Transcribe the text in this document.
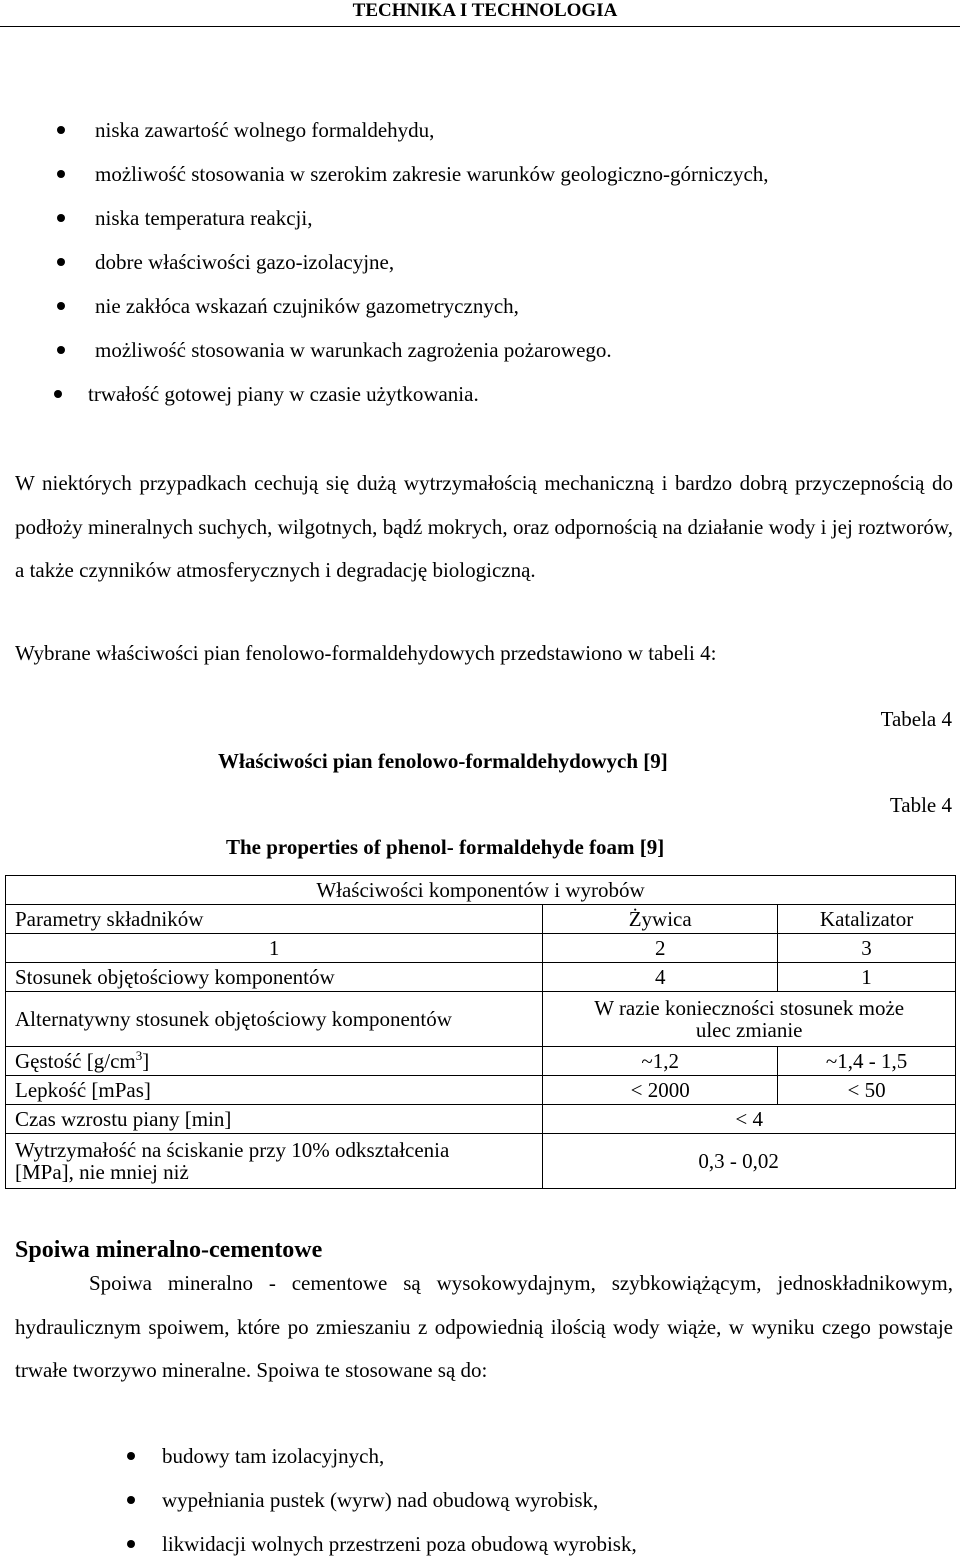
TECHNIKA I TECHNOLOGIA
niska zawartość wolnego formaldehydu,
możliwość stosowania w szerokim zakresie warunków geologiczno-górniczych,
niska temperatura reakcji,
dobre właściwości gazo-izolacyjne,
nie zakłóca wskazań czujników gazometrycznych,
możliwość stosowania w warunkach zagrożenia pożarowego.
trwałość gotowej piany w czasie użytkowania.
W niektórych przypadkach cechują się dużą wytrzymałością mechaniczną i bardzo dobrą przyczepnością do podłoży mineralnych suchych, wilgotnych, bądź mokrych, oraz odpornością na działanie wody i jej roztworów, a także czynników atmosferycznych i degradację biologiczną.
Wybrane właściwości pian fenolowo-formaldehydowych przedstawiono w tabeli 4:
Tabela 4
Właściwości pian fenolowo-formaldehydowych [9]
Table 4
The properties of phenol- formaldehyde foam [9]
Właściwości komponentów i wyrobów		
Parametry składników	Żywica	Katalizator
1	2	3
Stosunek objętościowy komponentów	4	1
Alternatywny stosunek objętościowy komponentów	W razie konieczności stosunek może
ulec zmianie	

Gęstość $[g/cm^3]$	~1,2	~1,4 - 1,5
Lepkość [mPas]	< 2000	< 50
Czas wzrostu piany [min]	< 4	

Wytrzymałość na ściskanie przy 10% odkształcenia
[MPa], nie mniej niż	0,3 - 0,02	
Spoiwa mineralno-cementowe
Spoiwa mineralno - cementowe są wysokowydajnym, szybkowiążącym, jednoskładnikowym, hydraulicznym spoiwem, które po zmieszaniu z odpowiednią ilością wody wiąże, w wyniku czego powstaje trwałe tworzywo mineralne. Spoiwa te stosowane są do:
budowy tam izolacyjnych,
wypełniania pustek (wyrw) nad obudową wyrobisk,
likwidacji wolnych przestrzeni poza obudową wyrobisk,
